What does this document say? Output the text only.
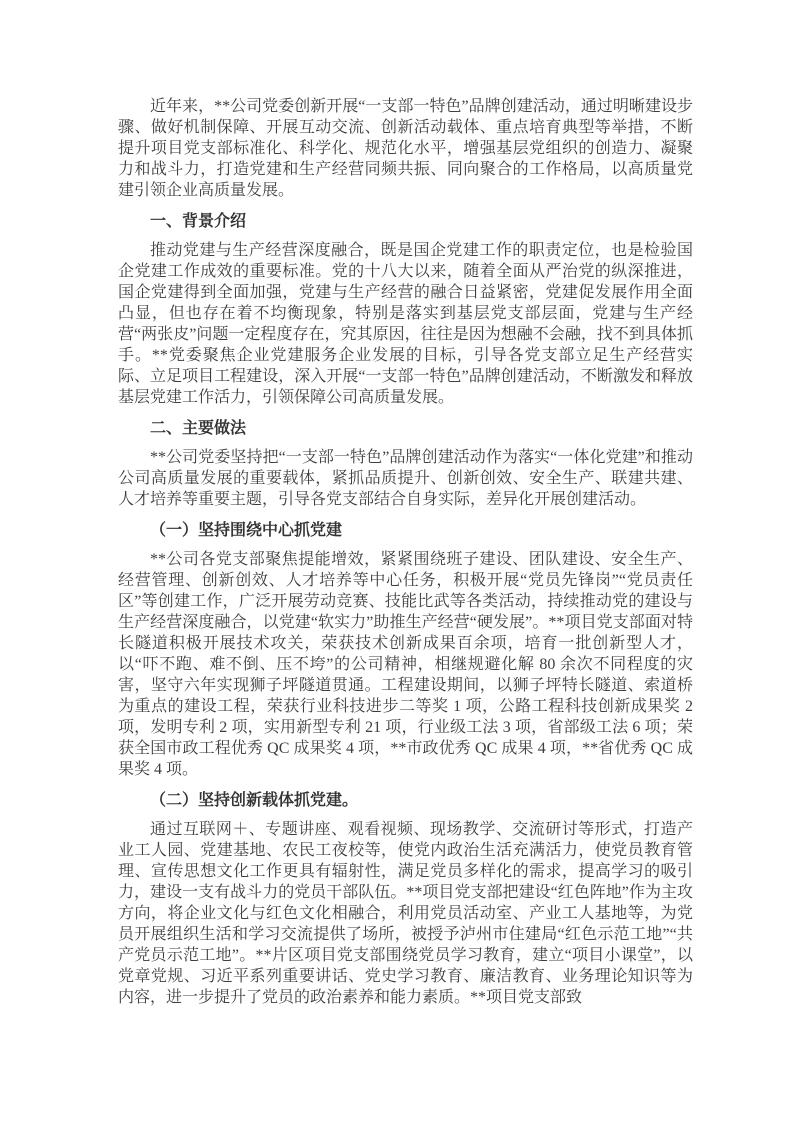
近年来，**公司党委创新开展“一支部一特色”品牌创建活动，通过明晰建设步骤、做好机制保障、开展互动交流、创新活动载体、重点培育典型等举措，不断提升项目党支部标准化、科学化、规范化水平，增强基层党组织的创造力、凝聚力和战斗力，打造党建和生产经营同频共振、同向聚合的工作格局，以高质量党建引领企业高质量发展。

一、背景介绍

推动党建与生产经营深度融合，既是国企党建工作的职责定位，也是检验国企党建工作成效的重要标准。党的十八大以来，随着全面从严治党的纵深推进，国企党建得到全面加强，党建与生产经营的融合日益紧密，党建促发展作用全面凸显，但也存在着不均衡现象，特别是落实到基层党支部层面，党建与生产经营“两张皮”问题一定程度存在，究其原因，往往是因为想融不会融，找不到具体抓手。**党委聚焦企业党建服务企业发展的目标，引导各党支部立足生产经营实际、立足项目工程建设，深入开展“一支部一特色”品牌创建活动，不断激发和释放基层党建工作活力，引领保障公司高质量发展。

二、主要做法

**公司党委坚持把“一支部一特色”品牌创建活动作为落实“一体化党建”和推动公司高质量发展的重要载体，紧抓品质提升、创新创效、安全生产、联建共建、人才培养等重要主题，引导各党支部结合自身实际，差异化开展创建活动。

（一）坚持围绕中心抓党建

**公司各党支部聚焦提能增效，紧紧围绕班子建设、团队建设、安全生产、经营管理、创新创效、人才培养等中心任务，积极开展“党员先锋岗”“党员责任区”等创建工作，广泛开展劳动竞赛、技能比武等各类活动，持续推动党的建设与生产经营深度融合，以党建“软实力”助推生产经营“硬发展”。**项目党支部面对特长隧道积极开展技术攻关，荣获技术创新成果百余项，培育一批创新型人才，以“吓不跑、难不倒、压不垮”的公司精神，相继规避化解 80 余次不同程度的灾害，坚守六年实现狮子坪隧道贯通。工程建设期间，以狮子坪特长隧道、索道桥为重点的建设工程，荣获行业科技进步二等奖 1 项，公路工程科技创新成果奖 2 项，发明专利 2 项，实用新型专利 21 项，行业级工法 3 项，省部级工法 6 项；荣获全国市政工程优秀 QC 成果奖 4 项，**市政优秀 QC 成果 4 项，**省优秀 QC 成果奖 4 项。

（二）坚持创新载体抓党建。

通过互联网＋、专题讲座、观看视频、现场教学、交流研讨等形式，打造产业工人园、党建基地、农民工夜校等，使党内政治生活充满活力，使党员教育管理、宣传思想文化工作更具有辐射性，满足党员多样化的需求，提高学习的吸引力，建设一支有战斗力的党员干部队伍。**项目党支部把建设“红色阵地”作为主攻方向，将企业文化与红色文化相融合，利用党员活动室、产业工人基地等，为党员开展组织生活和学习交流提供了场所，被授予泸州市住建局“红色示范工地”“共产党员示范工地”。**片区项目党支部围绕党员学习教育，建立“项目小课堂”，以党章党规、习近平系列重要讲话、党史学习教育、廉洁教育、业务理论知识等为内容，进一步提升了党员的政治素养和能力素质。**项目党支部致
